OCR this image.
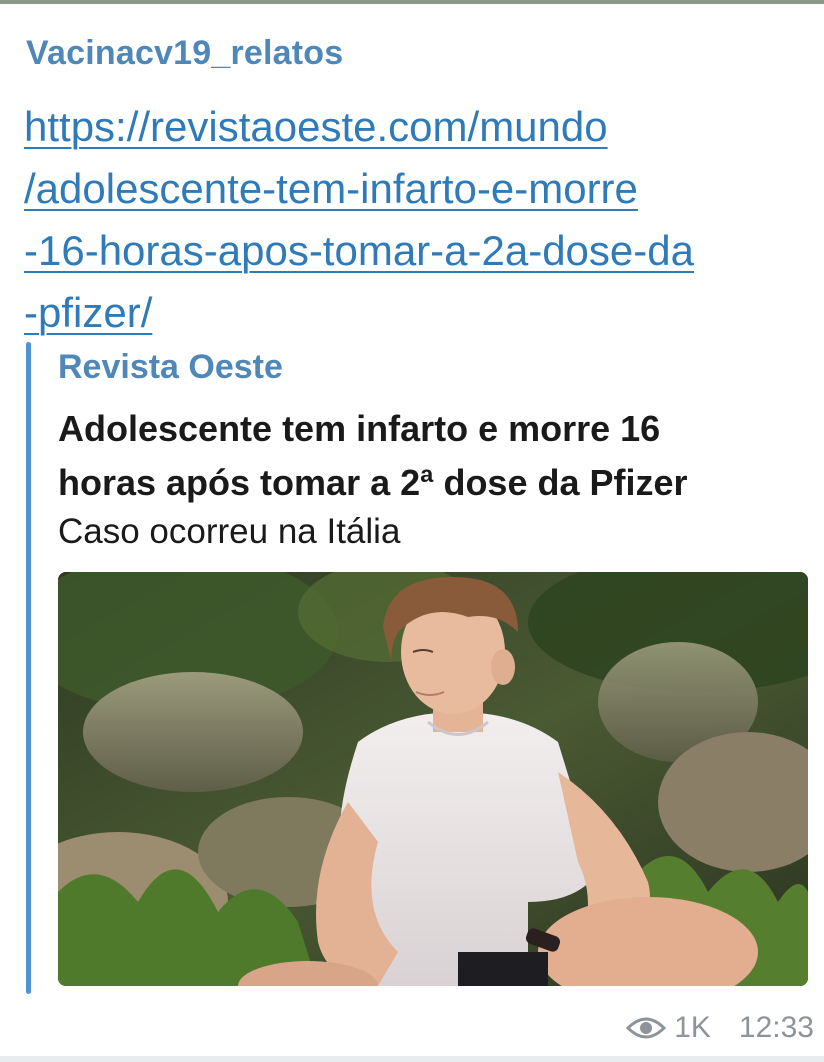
Vacinacv19_relatos
https://revistaoeste.com/mundo
/adolescente-tem-infarto-e-morre
-16-horas-apos-tomar-a-2a-dose-da
-pfizer/
Revista Oeste
Adolescente tem infarto e morre 16
horas após tomar a 2ª dose da Pfizer
Caso ocorreu na Itália
1K 12:33
